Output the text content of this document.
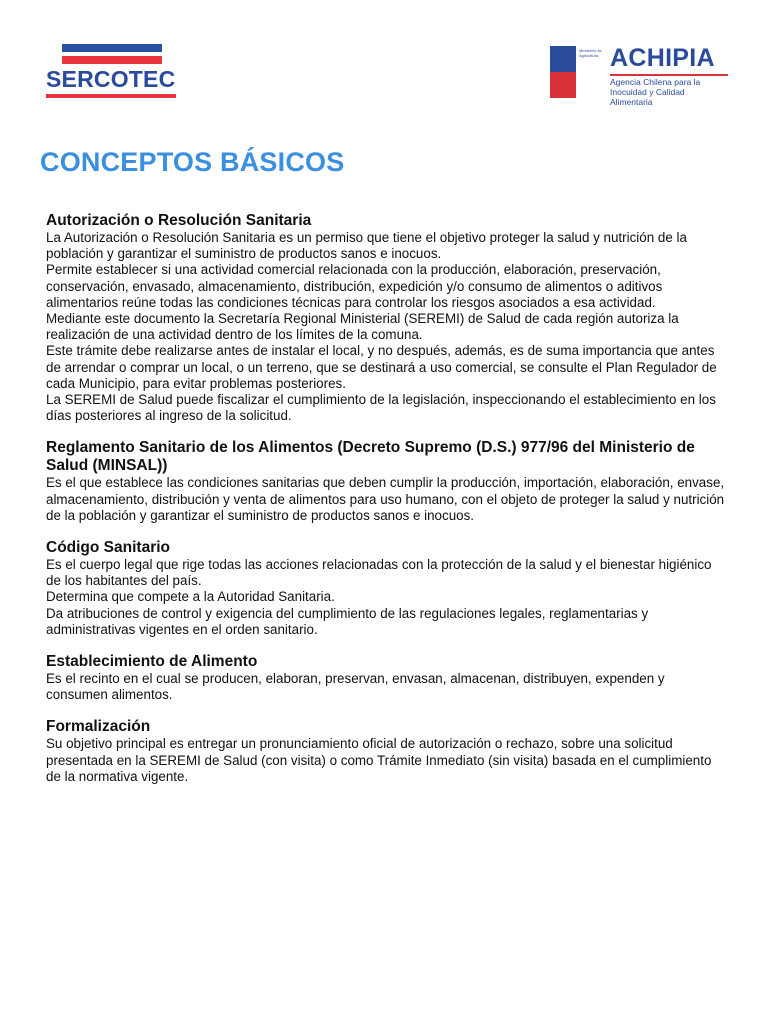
SERCOTEC
Ministerio de Agricultura ACHIPIA
Agencia Chilena para la Inocuidad y Calidad Alimentaria
CONCEPTOS BÁSICOS
Autorización o Resolución Sanitaria

La Autorización o Resolución Sanitaria es un permiso que tiene el objetivo proteger la salud y nutrición de la población y garantizar el suministro de productos sanos e inocuos.

Permite establecer si una actividad comercial relacionada con la producción, elaboración, preservación, conservación, envasado, almacenamiento, distribución, expedición y/o consumo de alimentos o aditivos alimentarios reúne todas las condiciones técnicas para controlar los riesgos asociados a esa actividad.

Mediante este documento la Secretaría Regional Ministerial (SEREMI) de Salud de cada región autoriza la realización de una actividad dentro de los límites de la comuna.

Este trámite debe realizarse antes de instalar el local, y no después, además, es de suma importancia que antes de arrendar o comprar un local, o un terreno, que se destinará a uso comercial, se consulte el Plan Regulador de cada Municipio, para evitar problemas posteriores.

La SEREMI de Salud puede fiscalizar el cumplimiento de la legislación, inspeccionando el establecimiento en los días posteriores al ingreso de la solicitud.

Reglamento Sanitario de los Alimentos (Decreto Supremo (D.S.) 977/96 del Ministerio de Salud (MINSAL))

Es el que establece las condiciones sanitarias que deben cumplir la producción, importación, elaboración, envase, almacenamiento, distribución y venta de alimentos para uso humano, con el objeto de proteger la salud y nutrición de la población y garantizar el suministro de productos sanos e inocuos.

Código Sanitario

Es el cuerpo legal que rige todas las acciones relacionadas con la protección de la salud y el bienestar higiénico de los habitantes del país.

Determina que compete a la Autoridad Sanitaria.

Da atribuciones de control y exigencia del cumplimiento de las regulaciones legales, reglamentarias y administrativas vigentes en el orden sanitario.

Establecimiento de Alimento

Es el recinto en el cual se producen, elaboran, preservan, envasan, almacenan, distribuyen, expenden y consumen alimentos.

Formalización

Su objetivo principal es entregar un pronunciamiento oficial de autorización o rechazo, sobre una solicitud presentada en la SEREMI de Salud (con visita) o como Trámite Inmediato (sin visita) basada en el cumplimiento de la normativa vigente.
